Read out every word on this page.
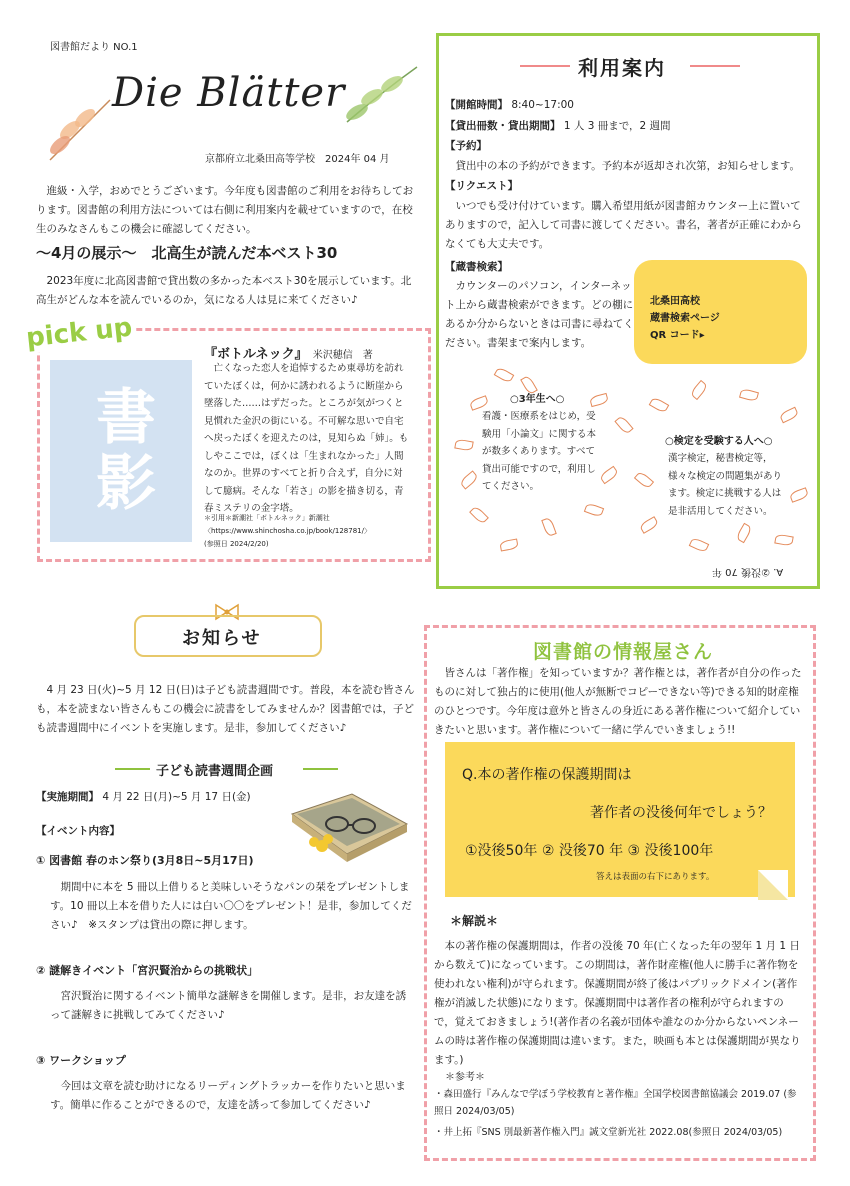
図書館だより NO.1
Die Blätter
京都府立北桑田高等学校　2024年 04 月
　進級・入学，おめでとうございます。今年度も図書館のご利用をお待ちしております。図書館の利用方法については右側に利用案内を載せていますので，在校生のみなさんもこの機会に確認してください。
～4月の展示～　北高生が読んだ本ベスト30
　2023年度に北高図書館で貸出数の多かった本ベスト30を展示しています。北高生がどんな本を読んでいるのか，気になる人は見に来てください♪
pick up
書影
『ボトルネック』 米沢穂信　著
　亡くなった恋人を追悼するため東尋坊を訪れていたぼくは，何かに誘われるように断崖から墜落した……はずだった。ところが気がつくと見慣れた金沢の街にいる。不可解な思いで自宅へ戻ったぼくを迎えたのは，見知らぬ「姉」。もしやここでは，ぼくは「生まれなかった」人間なのか。世界のすべてと折り合えず，自分に対して臆病。そんな「若さ」の影を描き切る，青春ミステリの金字塔。
＊引用＊新潮社「ボトルネック」新潮社
〈https://www.shinchosha.co.jp/book/128781/〉
(参照日 2024/2/20)
利用案内
【開館時間】 8:40~17:00
【貸出冊数・貸出期間】 1 人 3 冊まで，2 週間
【予約】
　貸出中の本の予約ができます。予約本が返却され次第，お知らせします。
【リクエスト】
　いつでも受け付けています。購入希望用紙が図書館カウンター上に置いてありますので，記入して司書に渡してください。書名，著者が正確にわからなくても大丈夫です。
【蔵書検索】
　カウンターのパソコン，インターネット上から蔵書検索ができます。どの棚にあるか分からないときは司書に尋ねてください。書架まで案内します。
北桑田高校
蔵書検索ページ
QR コード▸
○3年生へ○
看護・医療系をはじめ，受験用「小論文」に関する本が数多くあります。すべて貸出可能ですので，利用してください。
○検定を受験する人へ○
漢字検定，秘書検定等，様々な検定の問題集があります。検定に挑戦する人は是非活用してください。
A. ②没後 70 年
お知らせ
　4 月 23 日(火)~5 月 12 日(日)は子ども読書週間です。普段，本を読む皆さんも，本を読まない皆さんもこの機会に読書をしてみませんか？図書館では，子ども読書週間中にイベントを実施します。是非，参加してください♪
子ども読書週間企画
【実施期間】 4 月 22 日(月)~5 月 17 日(金)
【イベント内容】
① 図書館 春のホン祭り(3月8日~5月17日)
　期間中に本を 5 冊以上借りると美味しいそうなパンの栞をプレゼントします。10 冊以上本を借りた人には白い〇〇をプレゼント！是非，参加してください♪　※スタンプは貸出の際に押します。
② 謎解きイベント「宮沢賢治からの挑戦状」
　宮沢賢治に関するイベント簡単な謎解きを開催します。是非，お友達を誘って謎解きに挑戦してみてください♪
③ ワークショップ
　今回は文章を読む助けになるリーディングトラッカーを作りたいと思います。簡単に作ることができるので，友達を誘って参加してください♪
図書館の情報屋さん
　皆さんは「著作権」を知っていますか？著作権とは，著作者が自分の作ったものに対して独占的に使用(他人が無断でコピーできない等)できる知的財産権のひとつです。今年度は意外と皆さんの身近にある著作権について紹介していきたいと思います。著作権について一緒に学んでいきましょう!!
Q.本の著作権の保護期間は
著作者の没後何年でしょう？
①没後50年 ② 没後70 年 ③ 没後100年
答えは表面の右下にあります。
＊解説＊
　本の著作権の保護期間は，作者の没後 70 年(亡くなった年の翌年 1 月 1 日から数えて)になっています。この期間は，著作財産権(他人に勝手に著作物を使われない権利)が守られます。保護期間が終了後はパブリックドメイン(著作権が消滅した状態)になります。保護期間中は著作者の権利が守られますので，覚えておきましょう!(著作者の名義が団体や誰なのか分からないペンネームの時は著作権の保護期間は違います。また，映画も本とは保護期間が異なります。)
＊参考＊
・森田盛行『みんなで学ぼう学校教育と著作権』全国学校図書館協議会 2019.07 (参照日 2024/03/05)
・井上拓『SNS 別最新著作権入門』誠文堂新光社 2022.08(参照日 2024/03/05)
